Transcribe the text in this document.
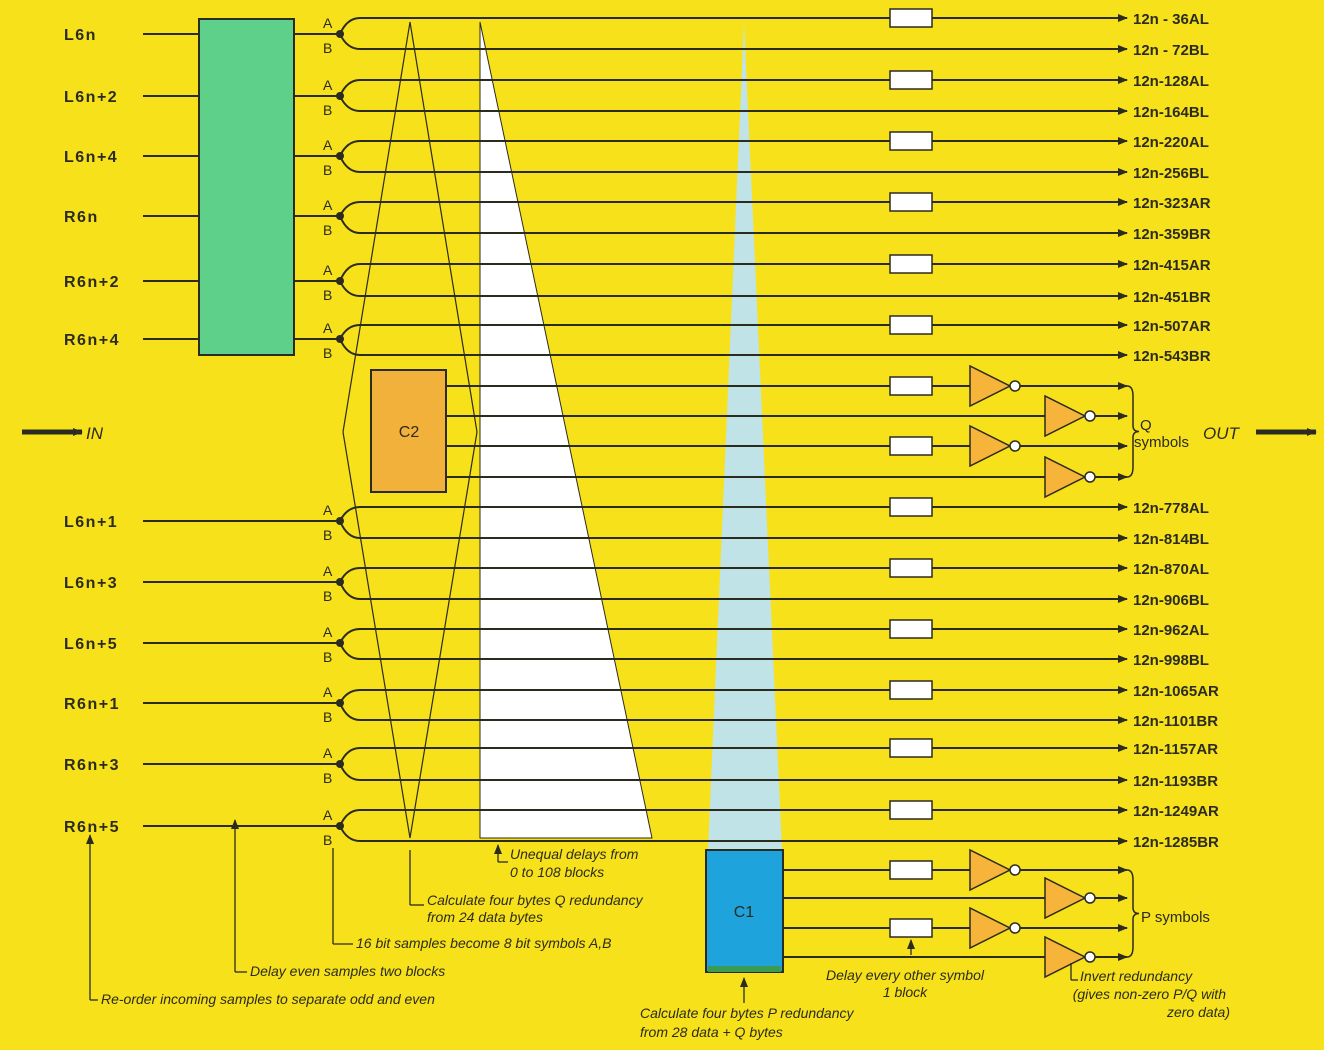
L6n
A
B
L6n+2
A
B
L6n+4
A
B
R6n
A
B
R6n+2
A
B
R6n+4
A
B
L6n+1
A
B
L6n+3
A
B
L6n+5
A
B
R6n+1
A
B
R6n+3
A
B
R6n+5
A
B
12n - 36AL
12n - 72BL
12n-128AL
12n-164BL
12n-220AL
12n-256BL
12n-323AR
12n-359BR
12n-415AR
12n-451BR
12n-507AR
12n-543BR
12n-778AL
12n-814BL
12n-870AL
12n-906BL
12n-962AL
12n-998BL
12n-1065AR
12n-1101BR
12n-1157AR
12n-1193BR
12n-1249AR
12n-1285BR
C2
C1
IN	OUT
Q
symbols
P symbols
Unequal delays from
0 to 108 blocks
Calculate four bytes Q redundancy
from 24 data bytes
16 bit samples become 8 bit symbols A,B
Delay even samples two blocks
Re-order incoming samples to separate odd and even
Calculate four bytes P redundancy
from 28 data + Q bytes
Delay every other symbol
1 block
Invert redundancy
(gives non-zero P/Q with
zero data)
